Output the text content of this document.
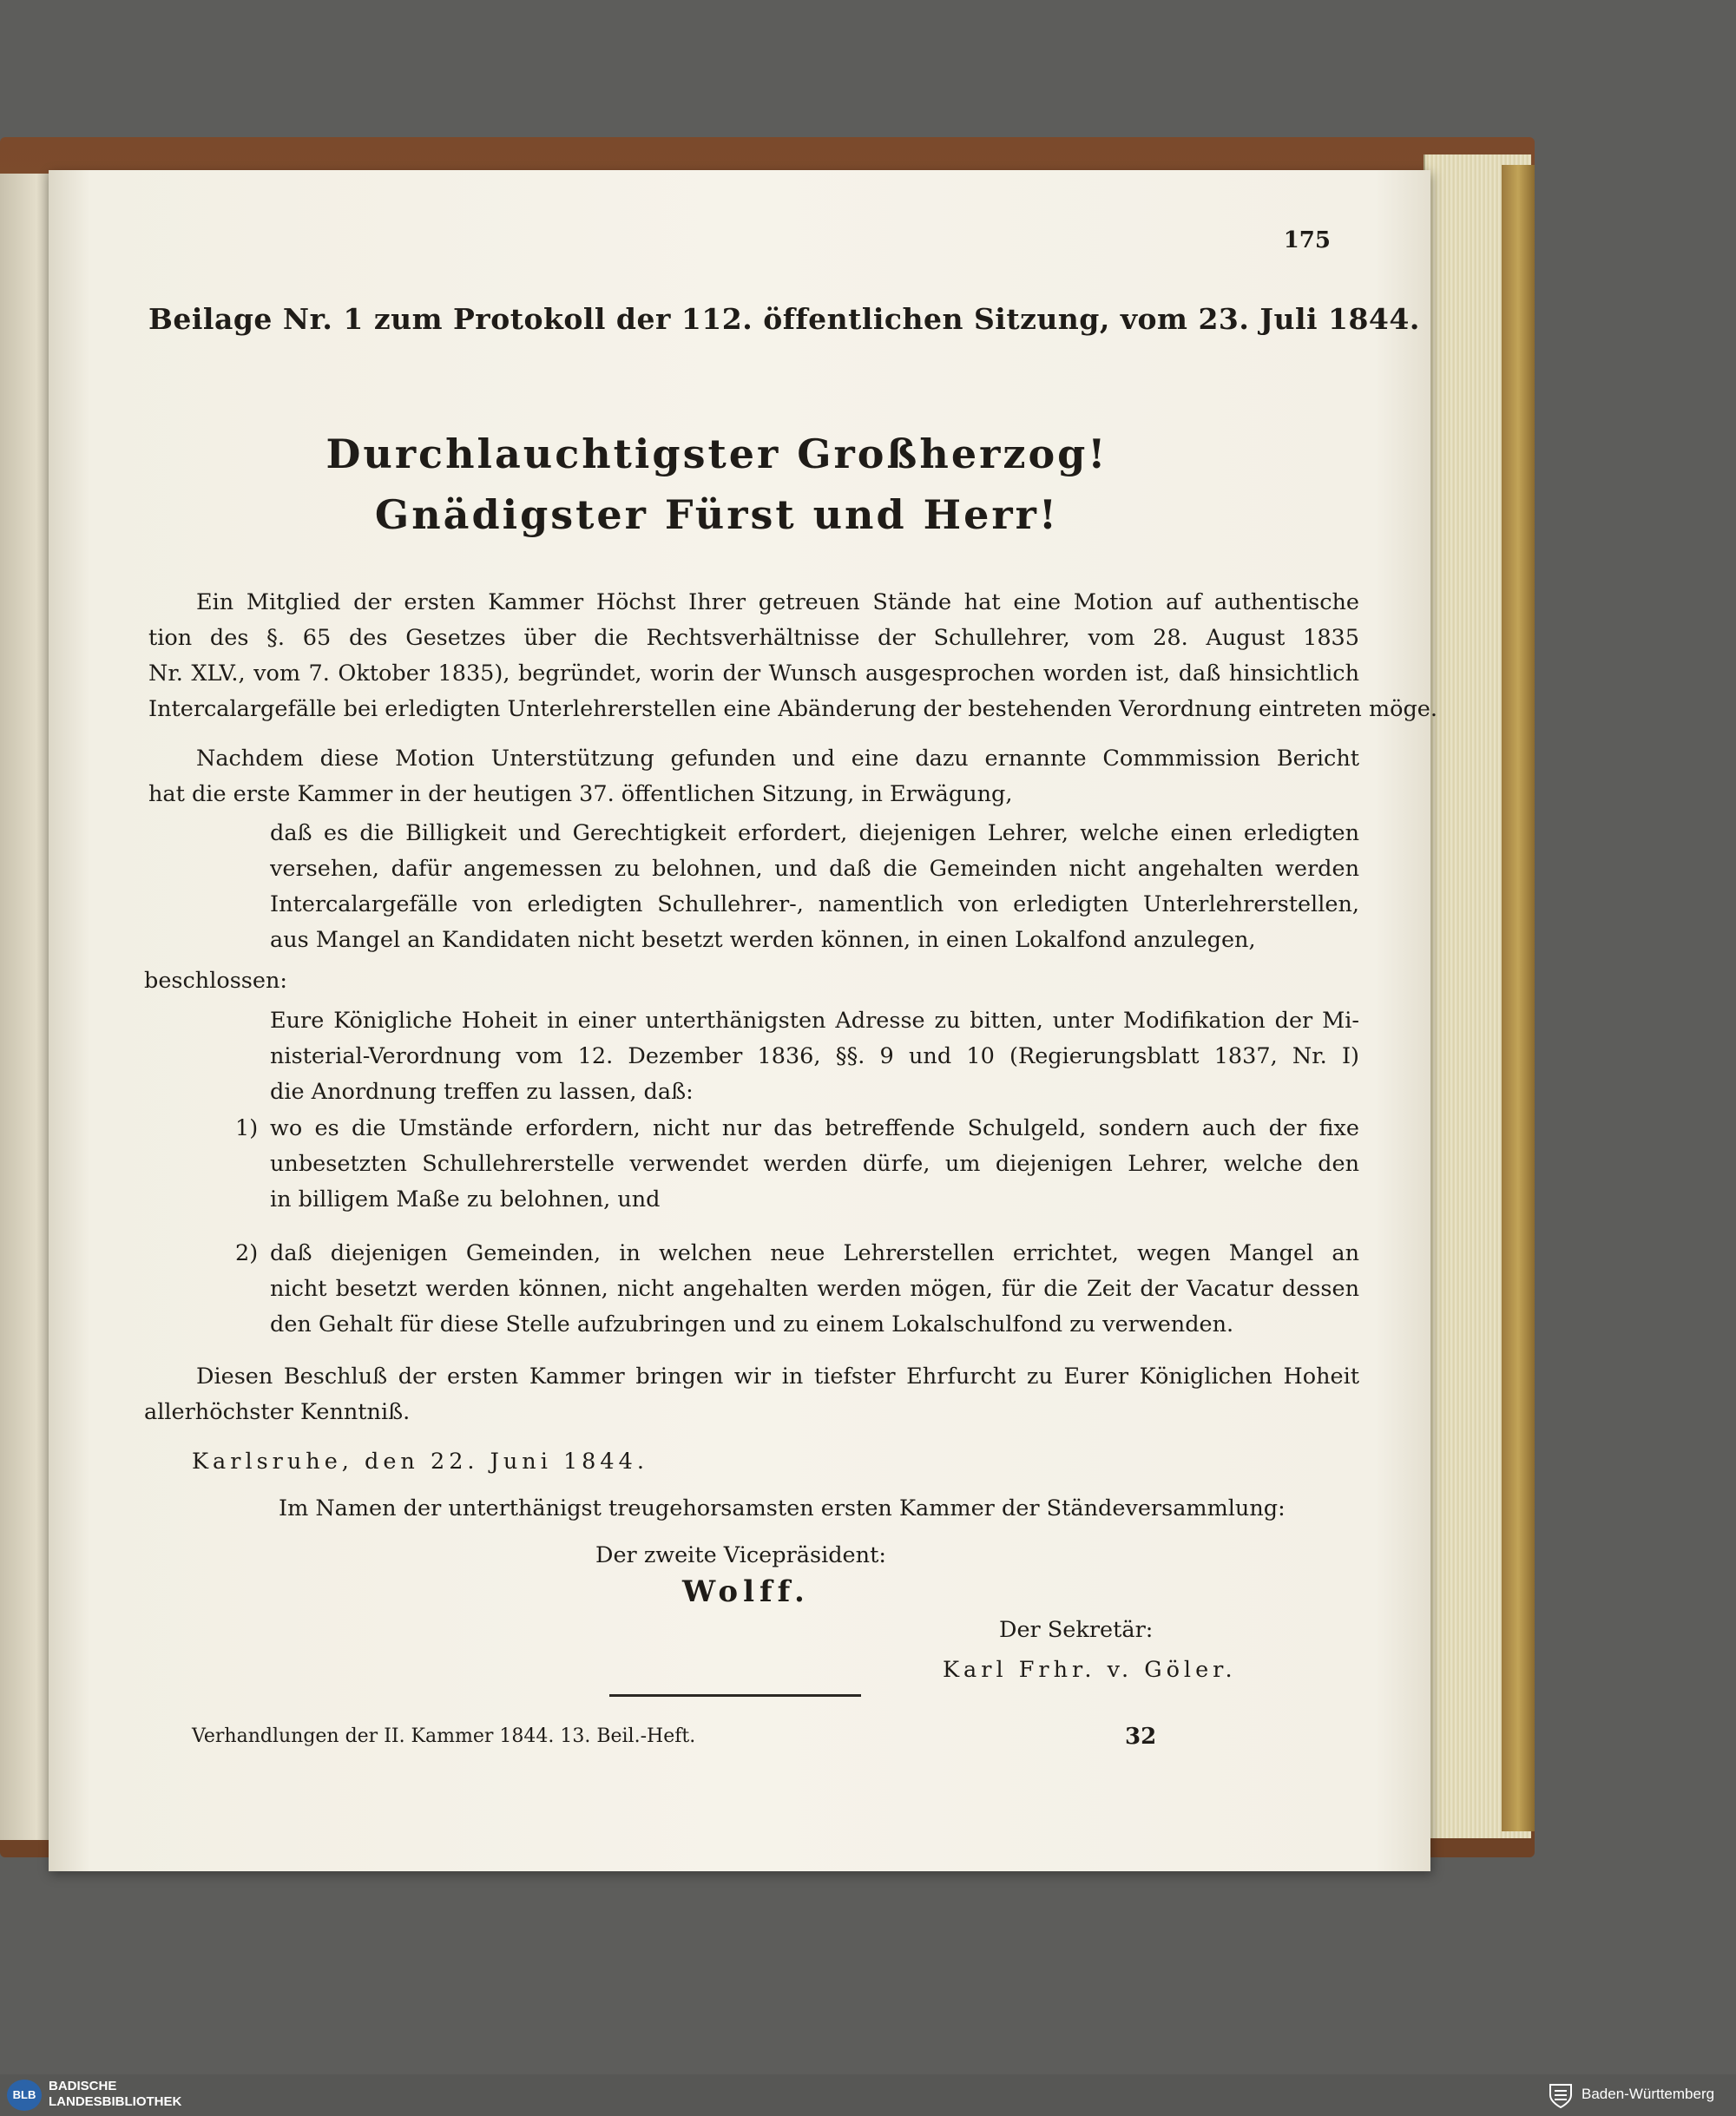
175
Beilage Nr. 1 zum Protokoll der 112. öffentlichen Sitzung, vom 23. Juli 1844.
Durchlauchtigster Großherzog!
Gnädigster Fürst und Herr!
Ein Mitglied der ersten Kammer Höchst Ihrer getreuen Stände hat eine Motion auf authentische
tion des §. 65 des Gesetzes über die Rechtsverhältnisse der Schullehrer, vom 28. August 1835
Nr. XLV., vom 7. Oktober 1835), begründet, worin der Wunsch ausgesprochen worden ist, daß hinsichtlich
Intercalargefälle bei erledigten Unterlehrerstellen eine Abänderung der bestehenden Verordnung eintreten möge.
Nachdem diese Motion Unterstützung gefunden und eine dazu ernannte Commmission Bericht
hat die erste Kammer in der heutigen 37. öffentlichen Sitzung, in Erwägung,
daß es die Billigkeit und Gerechtigkeit erfordert, diejenigen Lehrer, welche einen erledigten
versehen, dafür angemessen zu belohnen, und daß die Gemeinden nicht angehalten werden
Intercalargefälle von erledigten Schullehrer-, namentlich von erledigten Unterlehrerstellen,
aus Mangel an Kandidaten nicht besetzt werden können, in einen Lokalfond anzulegen,
beschlossen:
Eure Königliche Hoheit in einer unterthänigsten Adresse zu bitten, unter Modifikation der Mi-
nisterial-Verordnung vom 12. Dezember 1836, §§. 9 und 10 (Regierungsblatt 1837, Nr. I)
die Anordnung treffen zu lassen, daß:
1) wo es die Umstände erfordern, nicht nur das betreffende Schulgeld, sondern auch der fixe
unbesetzten Schullehrerstelle verwendet werden dürfe, um diejenigen Lehrer, welche den
in billigem Maße zu belohnen, und
2) daß diejenigen Gemeinden, in welchen neue Lehrerstellen errichtet, wegen Mangel an
nicht besetzt werden können, nicht angehalten werden mögen, für die Zeit der Vacatur dessen
den Gehalt für diese Stelle aufzubringen und zu einem Lokalschulfond zu verwenden.
Diesen Beschluß der ersten Kammer bringen wir in tiefster Ehrfurcht zu Eurer Königlichen Hoheit
allerhöchster Kenntniß.
Karlsruhe, den 22. Juni 1844.
Im Namen der unterthänigst treugehorsamsten ersten Kammer der Ständeversammlung:
Der zweite Vicepräsident:
Wolff.
Der Sekretär:
Karl Frhr. v. Göler.
Verhandlungen der II. Kammer 1844. 13. Beil.-Heft.	32
BLB
BADISCHE
LANDESBIBLIOTHEK	Baden-Württemberg
